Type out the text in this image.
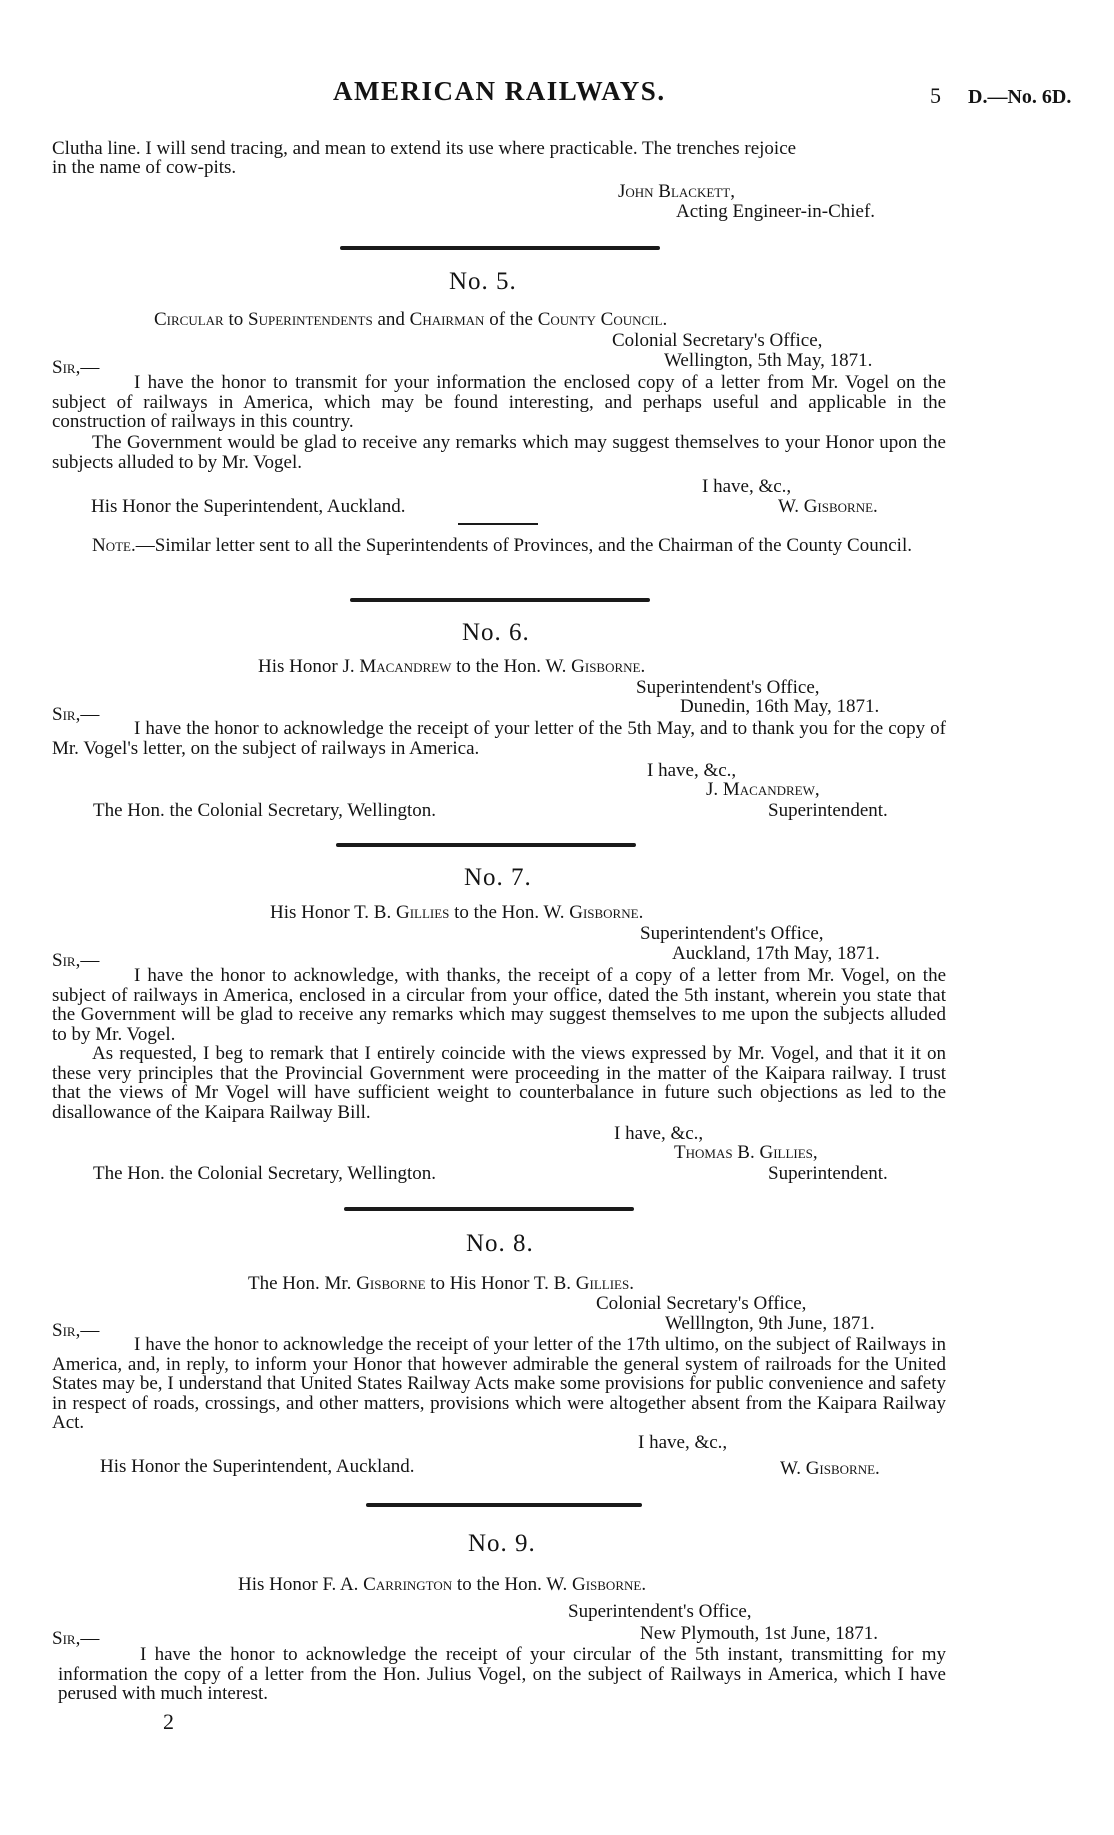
AMERICAN RAILWAYS.	5 D.—No. 6D.
Clutha line. I will send tracing, and mean to extend its use where practicable. The trenches rejoice
in the name of cow-pits.
John Blackett,
Acting Engineer-in-Chief.
No. 5.
Circular to Superintendents and Chairman of the County Council.
Colonial Secretary's Office,
Wellington, 5th May, 1871.
Sir,—
I have the honor to transmit for your information the enclosed copy of a letter from Mr. Vogel on the subject of railways in America, which may be found interesting, and perhaps useful and applicable in the construction of railways in this country.
The Government would be glad to receive any remarks which may suggest themselves to your Honor upon the subjects alluded to by Mr. Vogel.
I have, &c.,
His Honor the Superintendent, Auckland.	W. Gisborne.
Note.—Similar letter sent to all the Superintendents of Provinces, and the Chairman of the County Council.
No. 6.
His Honor J. Macandrew to the Hon. W. Gisborne.
Superintendent's Office,
Dunedin, 16th May, 1871.
Sir,—
I have the honor to acknowledge the receipt of your letter of the 5th May, and to thank you for the copy of Mr. Vogel's letter, on the subject of railways in America.
I have, &c.,
J. Macandrew,
The Hon. the Colonial Secretary, Wellington.	Superintendent.
No. 7.
His Honor T. B. Gillies to the Hon. W. Gisborne.
Superintendent's Office,
Auckland, 17th May, 1871.
Sir,—
I have the honor to acknowledge, with thanks, the receipt of a copy of a letter from Mr. Vogel, on the subject of railways in America, enclosed in a circular from your office, dated the 5th instant, wherein you state that the Government will be glad to receive any remarks which may suggest themselves to me upon the subjects alluded to by Mr. Vogel.
As requested, I beg to remark that I entirely coincide with the views expressed by Mr. Vogel, and that it it on these very principles that the Provincial Government were proceeding in the matter of the Kaipara railway. I trust that the views of Mr Vogel will have sufficient weight to counterbalance in future such objections as led to the disallowance of the Kaipara Railway Bill.
I have, &c.,
Thomas B. Gillies,
The Hon. the Colonial Secretary, Wellington.	Superintendent.
No. 8.
The Hon. Mr. Gisborne to His Honor T. B. Gillies.
Colonial Secretary's Office,
Welllngton, 9th June, 1871.
Sir,—
I have the honor to acknowledge the receipt of your letter of the 17th ultimo, on the subject of Railways in America, and, in reply, to inform your Honor that however admirable the general system of railroads for the United States may be, I understand that United States Railway Acts make some provisions for public convenience and safety in respect of roads, crossings, and other matters, provisions which were altogether absent from the Kaipara Railway Act.
I have, &c.,
His Honor the Superintendent, Auckland.	W. Gisborne.
No. 9.
His Honor F. A. Carrington to the Hon. W. Gisborne.
Superintendent's Office,
New Plymouth, 1st June, 1871.
Sir,—
I have the honor to acknowledge the receipt of your circular of the 5th instant, transmitting for my information the copy of a letter from the Hon. Julius Vogel, on the subject of Railways in America, which I have perused with much interest.
2
